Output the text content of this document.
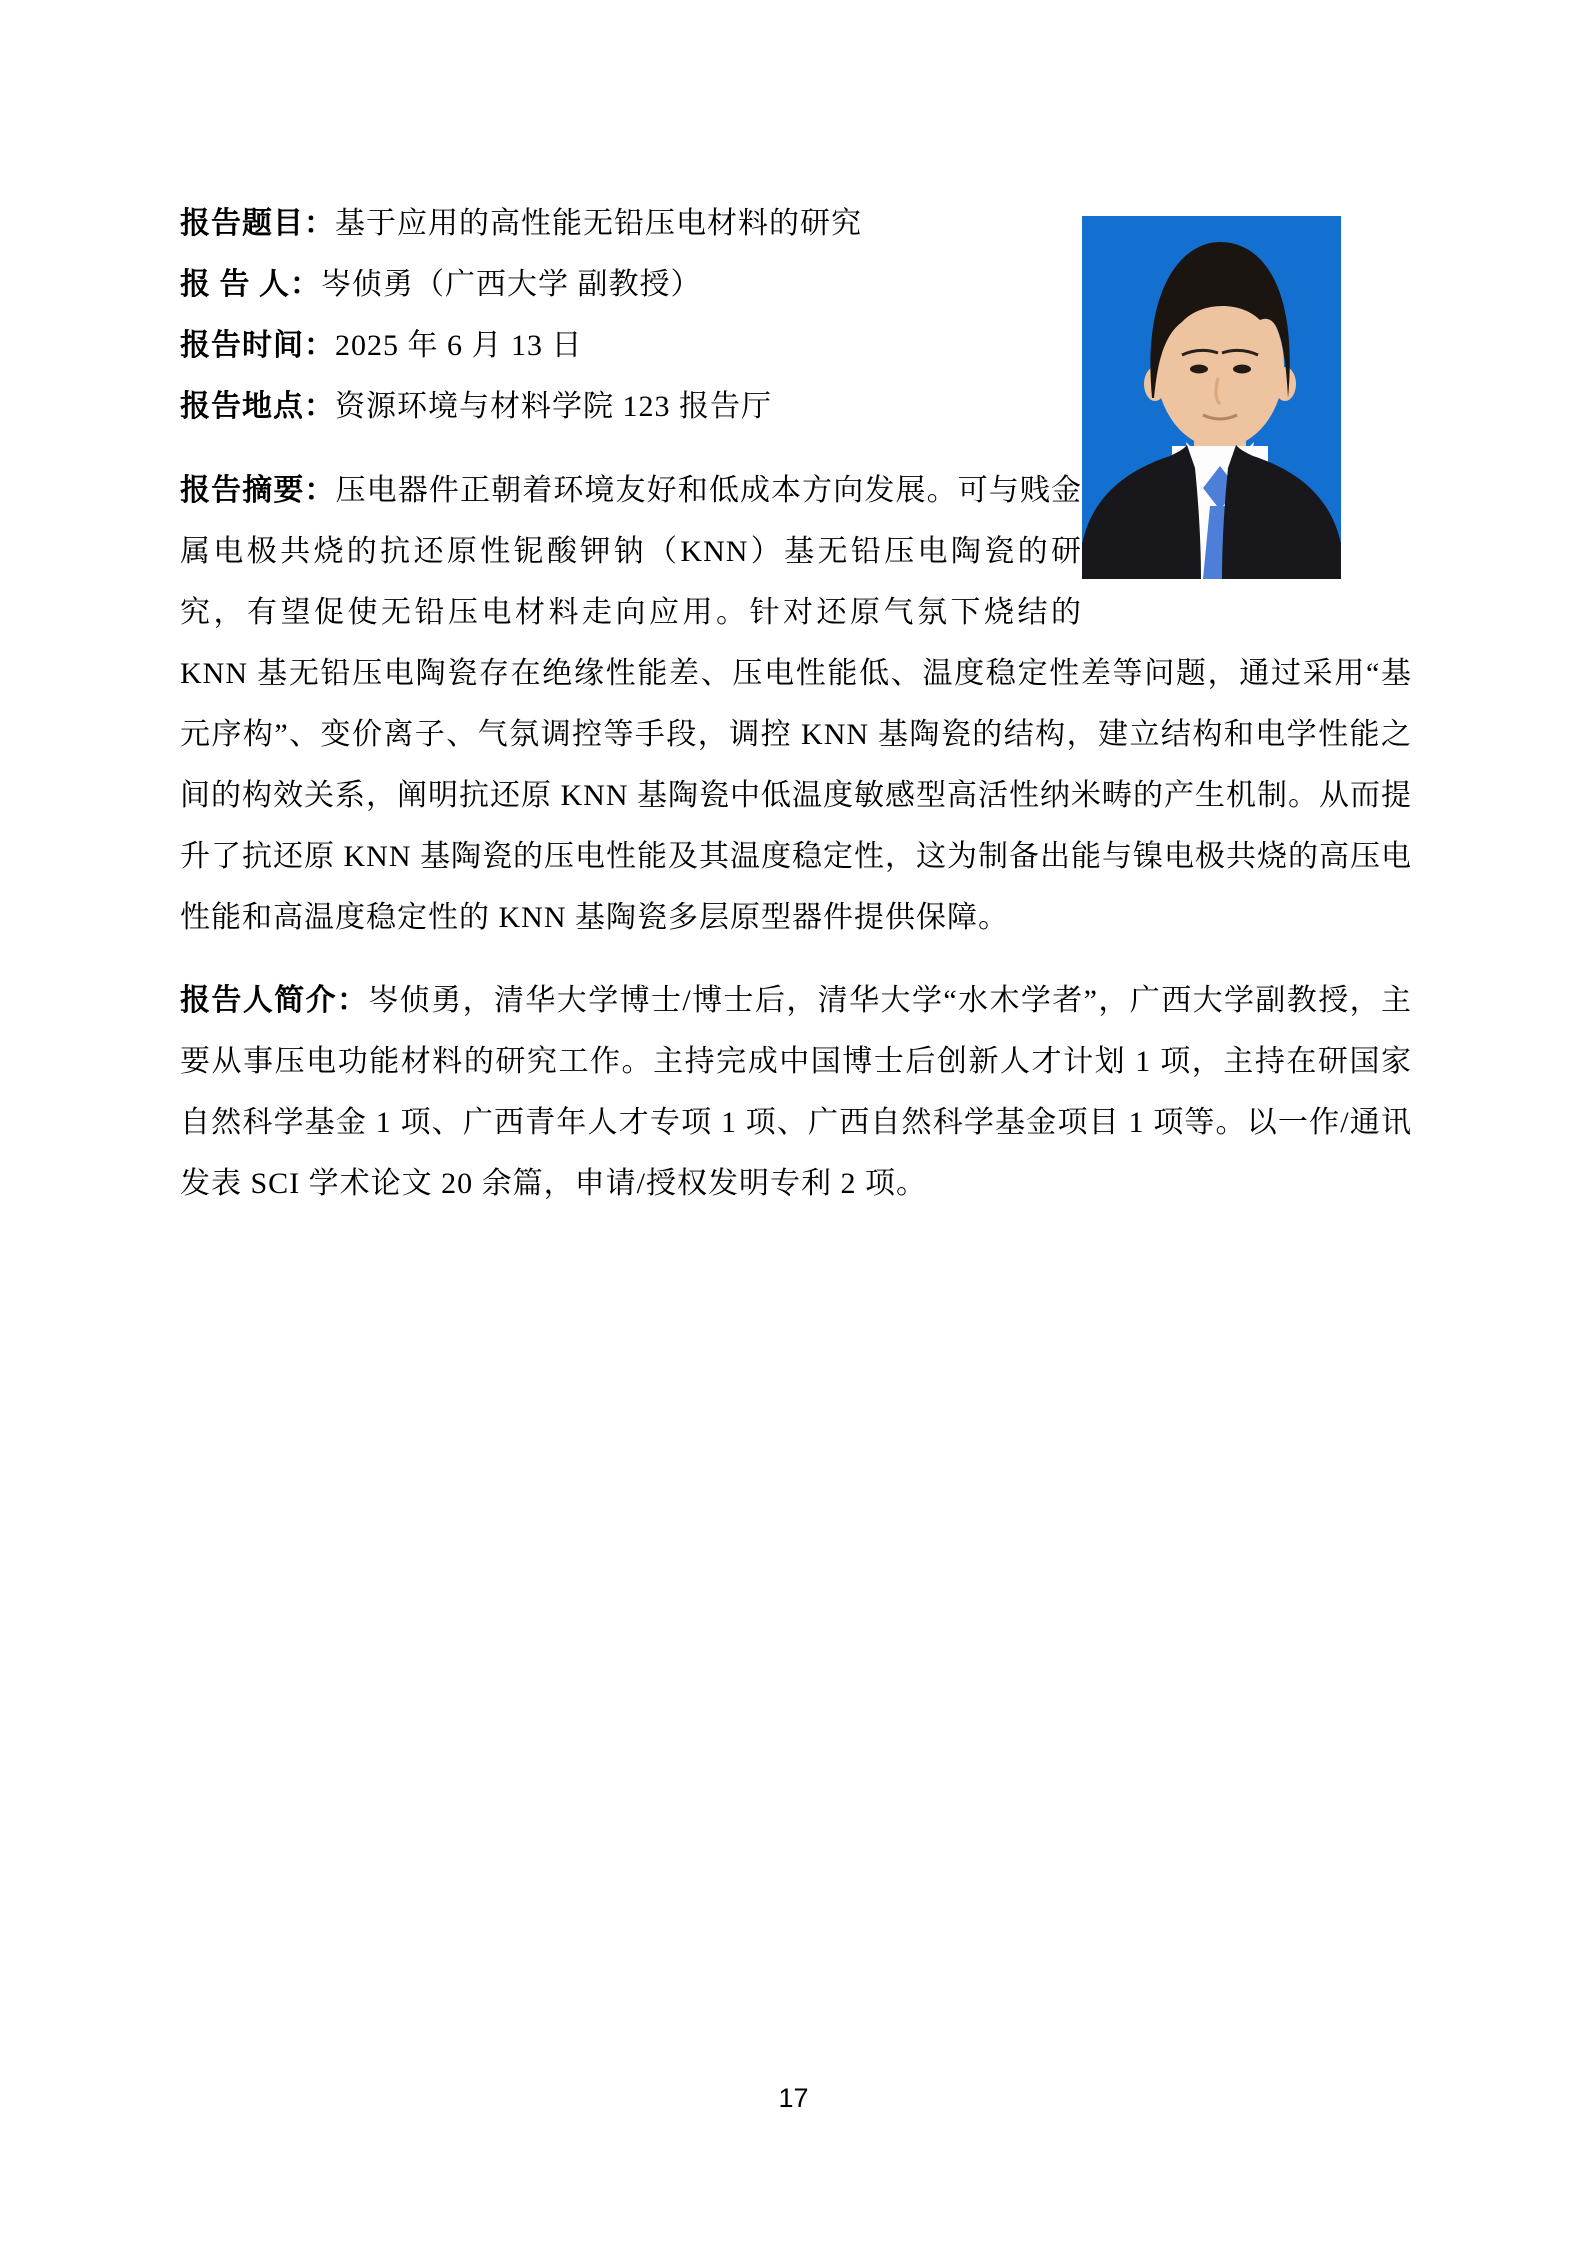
报告题目：基于应用的高性能无铅压电材料的研究

报 告 人：岑侦勇（广西大学 副教授）

报告时间：2025 年 6 月 13 日

报告地点：资源环境与材料学院 123 报告厅

报告摘要：压电器件正朝着环境友好和低成本方向发展。可与贱金属电极共烧的抗还原性铌酸钾钠（KNN）基无铅压电陶瓷的研究，有望促使无铅压电材料走向应用。针对还原气氛下烧结的 KNN 基无铅压电陶瓷存在绝缘性能差、压电性能低、温度稳定性差等问题，通过采用“基元序构”、变价离子、气氛调控等手段，调控 KNN 基陶瓷的结构，建立结构和电学性能之间的构效关系，阐明抗还原 KNN 基陶瓷中低温度敏感型高活性纳米畴的产生机制。从而提升了抗还原 KNN 基陶瓷的压电性能及其温度稳定性，这为制备出能与镍电极共烧的高压电性能和高温度稳定性的 KNN 基陶瓷多层原型器件提供保障。

报告人简介：岑侦勇，清华大学博士/博士后，清华大学“水木学者”，广西大学副教授，主要从事压电功能材料的研究工作。主持完成中国博士后创新人才计划 1 项，主持在研国家自然科学基金 1 项、广西青年人才专项 1 项、广西自然科学基金项目 1 项等。以一作/通讯发表 SCI 学术论文 20 余篇，申请/授权发明专利 2 项。

17
